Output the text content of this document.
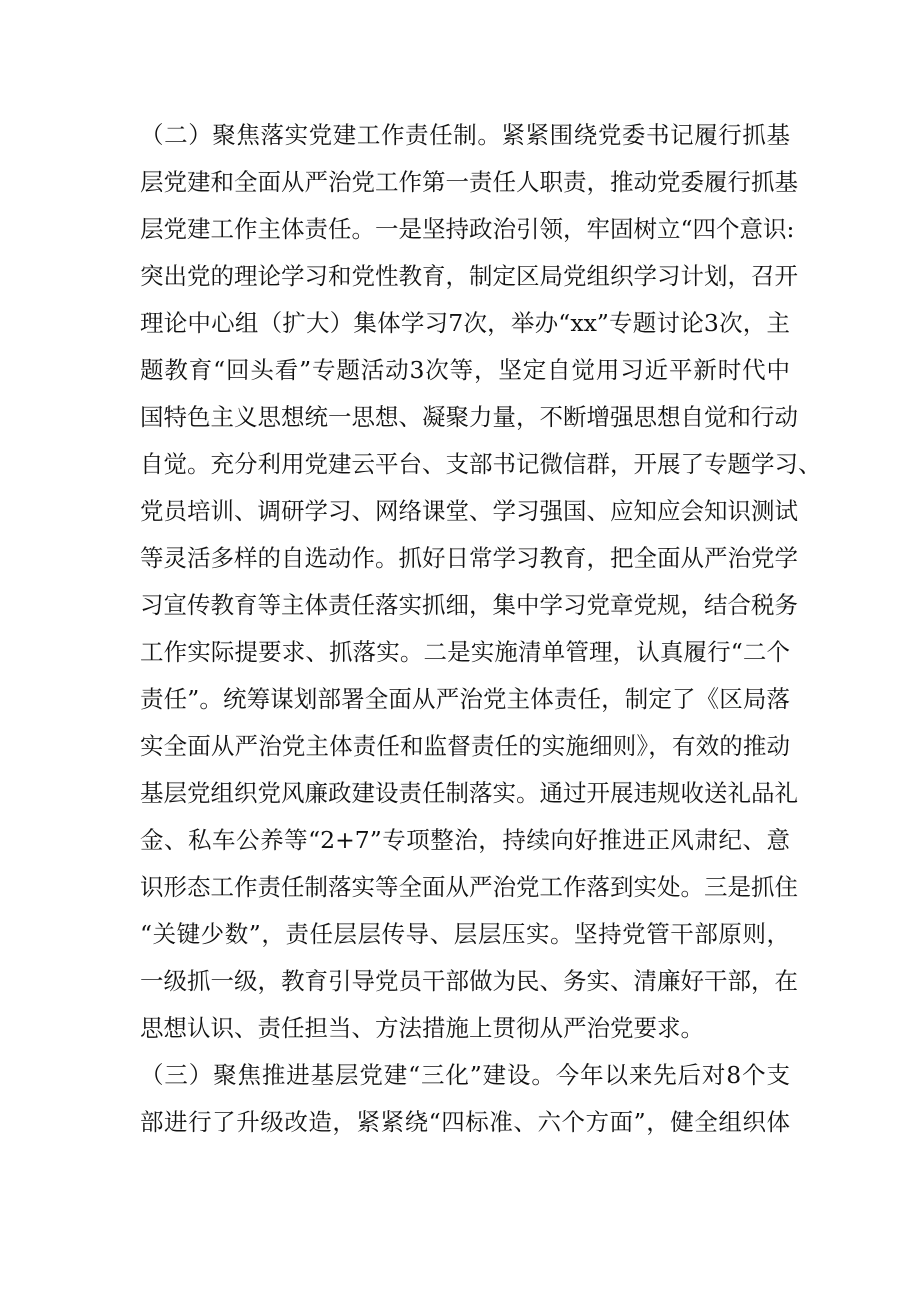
（二）聚焦落实党建工作责任制。紧紧围绕党委书记履行抓基
层党建和全面从严治党工作第一责任人职责，推动党委履行抓基
层党建工作主体责任。一是坚持政治引领，牢固树立“四个意识:
突出党的理论学习和党性教育，制定区局党组织学习计划，召开
理论中心组（扩大）集体学习7次，举办“xx”专题讨论3次，主
题教育“回头看”专题活动3次等，坚定自觉用习近平新时代中
国特色主义思想统一思想、凝聚力量，不断增强思想自觉和行动
自觉。充分利用党建云平台、支部书记微信群，开展了专题学习、
党员培训、调研学习、网络课堂、学习强国、应知应会知识测试
等灵活多样的自选动作。抓好日常学习教育，把全面从严治党学
习宣传教育等主体责任落实抓细，集中学习党章党规，结合税务
工作实际提要求、抓落实。二是实施清单管理，认真履行“二个
责任”。统筹谋划部署全面从严治党主体责任，制定了《区局落
实全面从严治党主体责任和监督责任的实施细则》，有效的推动
基层党组织党风廉政建设责任制落实。通过开展违规收送礼品礼
金、私车公养等“2+7”专项整治，持续向好推进正风肃纪、意
识形态工作责任制落实等全面从严治党工作落到实处。三是抓住
“关键少数”，责任层层传导、层层压实。坚持党管干部原则，
一级抓一级，教育引导党员干部做为民、务实、清廉好干部，在
思想认识、责任担当、方法措施上贯彻从严治党要求。
（三）聚焦推进基层党建“三化”建设。今年以来先后对8个支
部进行了升级改造，紧紧绕“四标准、六个方面”，健全组织体
